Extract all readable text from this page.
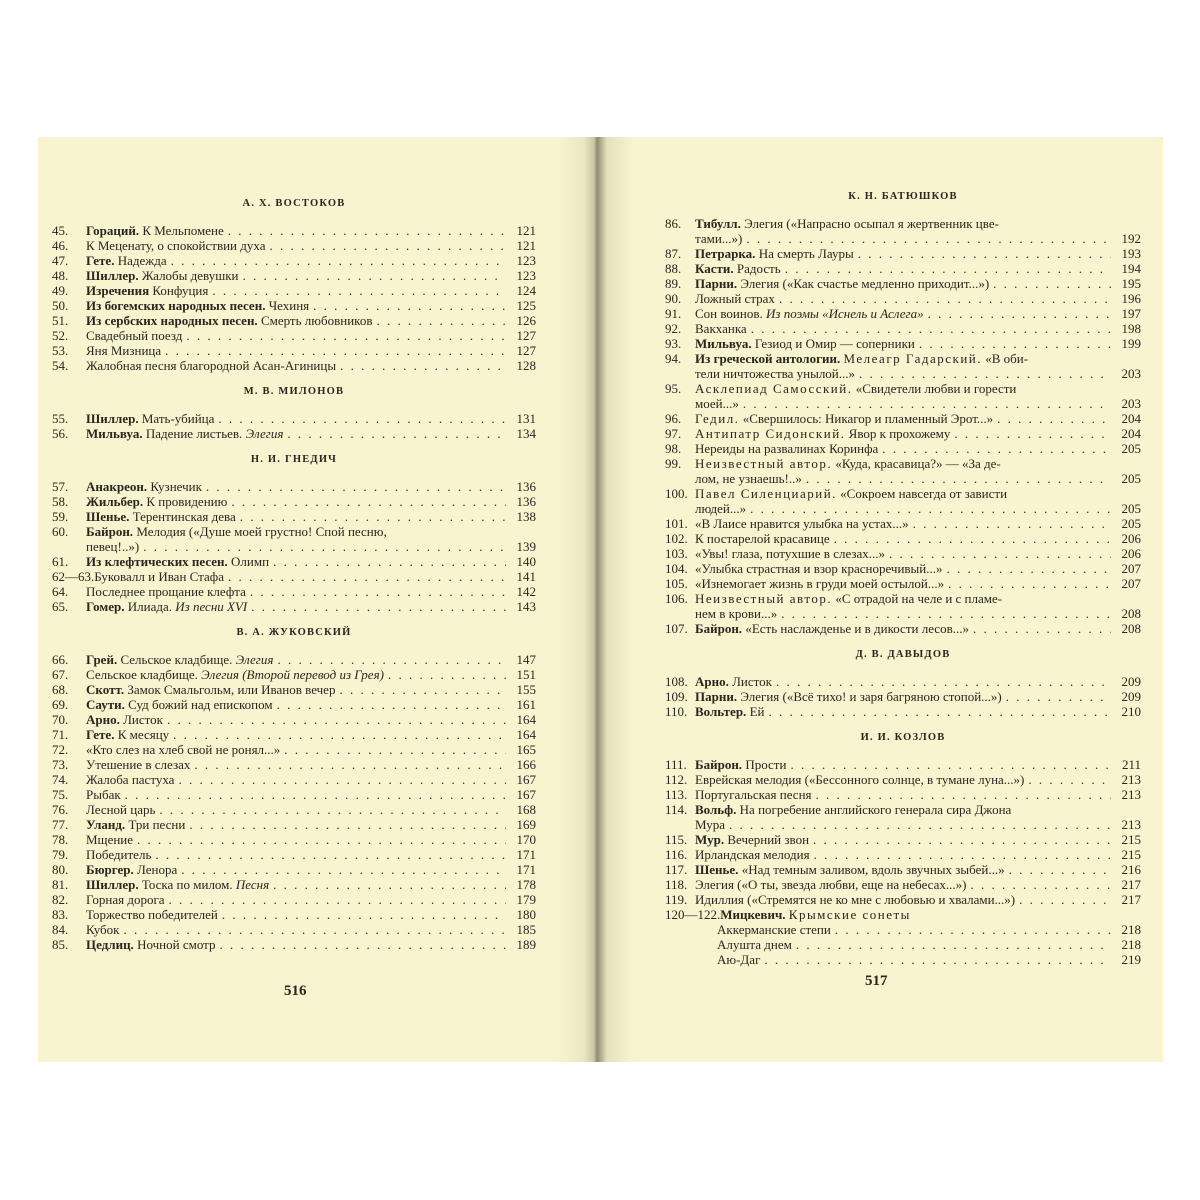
А. Х. ВОСТОКОВ
45.	Гораций. К Мельпомене . . .	121
46.	К Меценату, о спокойствии духа . . .	121
47.	Гете. Надежда . . .	123
48.	Шиллер. Жалобы девушки . . .	123
49.	Изречения Конфуция . . .	124
50.	Из богемских народных песен. Чехиня . . .	125
51.	Из сербских народных песен. Смерть любовников . . .	126
52.	Свадебный поезд . . .	127
53.	Яня Мизница . . .	127
54.	Жалобная песня благородной Асан-Агиницы . . .	128
М. В. МИЛОНОВ
55.	Шиллер. Мать-убийца . . .	131
56.	Мильвуа. Падение листьев. Элегия . . .	134
Н. И. ГНЕДИЧ
57.	Анакреон. Кузнечик . . .	136
58.	Жильбер. К провидению . . .	136
59.	Шенье. Терентинская дева . . .	138
60.	Байрон. Мелодия («Душе моей грустно! Спой песню,
певец!..») . . .	139
61.	Из клефтических песен. Олимп . . .	140
62—63. Буковалл и Иван Стафа . . .	141
64.	Последнее прощание клефта . . .	142
65.	Гомер. Илиада. Из песни XVI . . .	143
В. А. ЖУКОВСКИЙ
66.	Грей. Сельское кладбище. Элегия . . .	147
67.	Сельское кладбище. Элегия (Второй перевод из Грея) . . .	151
68.	Скотт. Замок Смальгольм, или Иванов вечер . . .	155
69.	Саути. Суд божий над епископом . . .	161
70.	Арно. Листок . . .	164
71.	Гете. К месяцу . . .	164
72.	«Кто слез на хлеб свой не ронял...» . . .	165
73.	Утешение в слезах . . .	166
74.	Жалоба пастуха . . .	167
75.	Рыбак . . .	167
76.	Лесной царь . . .	168
77.	Уланд. Три песни . . .	169
78.	Мщение . . .	170
79.	Победитель . . .	171
80.	Бюргер. Ленора . . .	171
81.	Шиллер. Тоска по милом. Песня . . .	178
82.	Горная дорога . . .	179
83.	Торжество победителей . . .	180
84.	Кубок . . .	185
85.	Цедлиц. Ночной смотр . . .	189
516
К. Н. БАТЮШКОВ
86.	Тибулл. Элегия («Напрасно осыпал я жертвенник цве-
тами...») . . .	192
87.	Петрарка. На смерть Лауры . . .	193
88.	Касти. Радость . . .	194
89.	Парни. Элегия («Как счастье медленно приходит...») . . .	195
90.	Ложный страх . . .	196
91.	Сон воинов. Из поэмы «Иснель и Аслега» . . .	197
92.	Вакханка . . .	198
93.	Мильвуа. Гезиод и Омир — соперники . . .	199
94.	Из греческой антологии. Мелеагр Гадарский. «В оби-
тели ничтожества унылой...» . . .	203
95.	Асклепиад Самосский. «Свидетели любви и горести
моей...» . . .	203
96.	Гедил. «Свершилось: Никагор и пламенный Эрот...» . . .	204
97.	Антипатр Сидонский. Явор к прохожему . . .	204
98.	Нереиды на развалинах Коринфа . . .	205
99.	Неизвестный автор. «Куда, красавица?» — «За де-
лом, не узнаешь!..» . . .	205
100. Павел Силенциарий. «Сокроем навсегда от зависти
людей...» . . .	205
101. «В Лаисе нравится улыбка на устах...» . . .	205
102. К постарелой красавице . . .	206
103. «Увы! глаза, потухшие в слезах...» . . .	206
104. «Улыбка страстная и взор красноречивый...» . . .	207
105. «Изнемогает жизнь в груди моей остылой...» . . .	207
106. Неизвестный автор. «С отрадой на челе и с пламе-
нем в крови...» . . .	208
107. Байрон. «Есть наслажденье и в дикости лесов...» . . .	208
Д. В. ДАВЫДОВ
108. Арно. Листок . . .	209
109. Парни. Элегия («Всё тихо! и заря багряною стопой...») . . .	209
110. Вольтер. Ей . . .	210
И. И. КОЗЛОВ
111. Байрон. Прости . . .	211
112. Еврейская мелодия («Бессонного солнце, в тумане луна...») . . .	213
113. Португальская песня . . .	213
114. Вольф. На погребение английского генерала сира Джона
Мура . . .	213
115. Мур. Вечерний звон . . .	215
116. Ирландская мелодия . . .	215
117. Шенье. «Над темным заливом, вдоль звучных зыбей...» . . .	216
118. Элегия («О ты, звезда любви, еще на небесах...») . . .	217
119. Идиллия («Стремятся не ко мне с любовью и хвалами...») . . .	217
120—122. Мицкевич. Крымские сонеты
Аккерманские степи . . .	218
Алушта днем . . .	218
Аю-Даг . . .	219
517
